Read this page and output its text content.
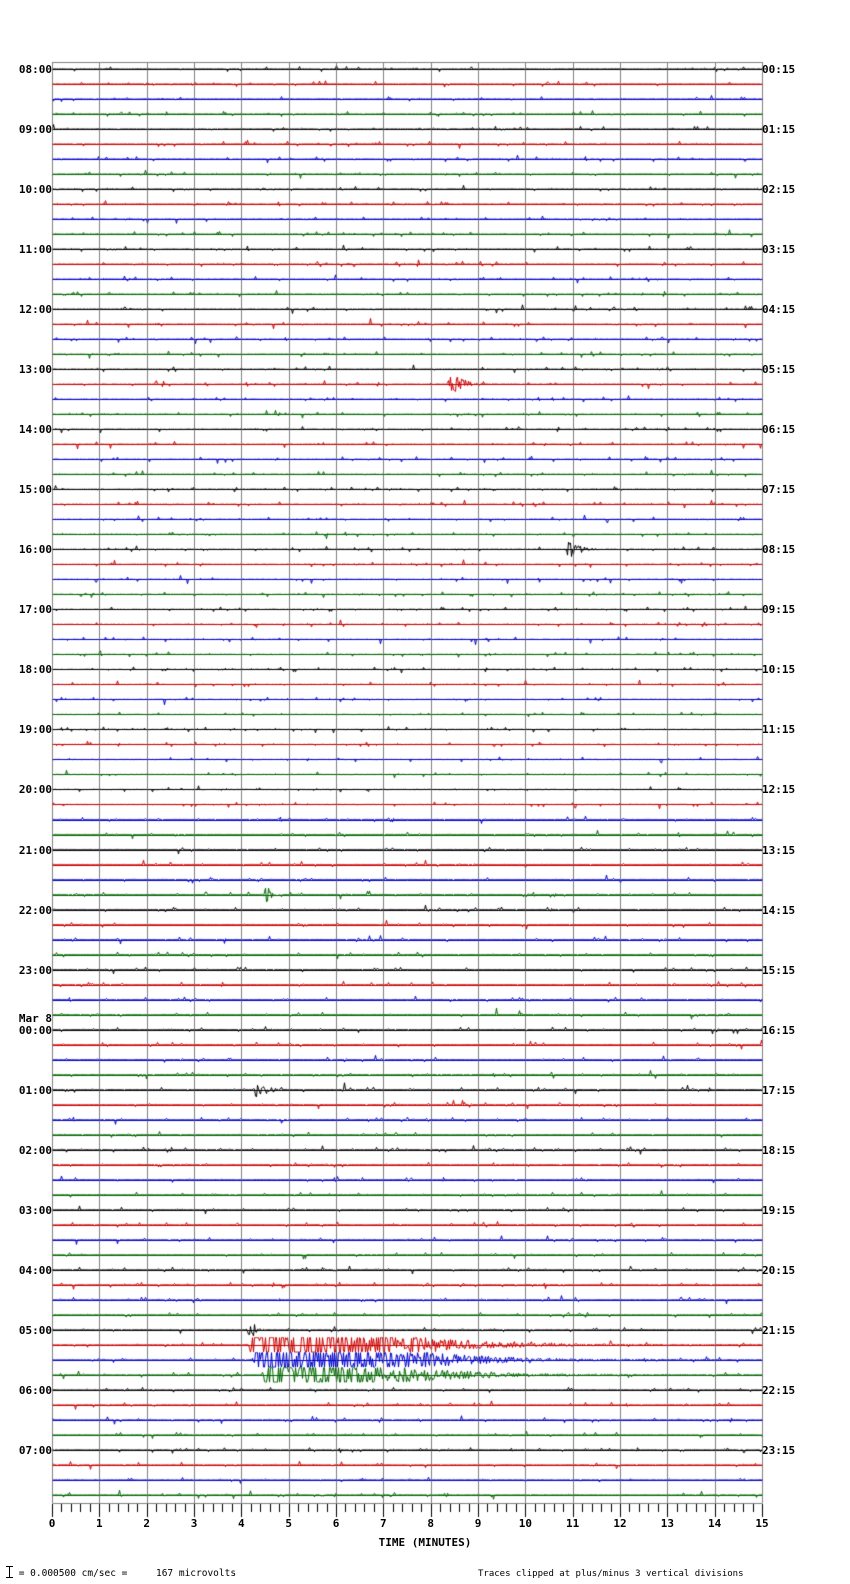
08:00
09:00
10:00
11:00
12:00
13:00
14:00
15:00
16:00
17:00
18:00
19:00
20:00
21:00
22:00
23:00
Mar 8
00:00
01:00
02:00
03:00
04:00
05:00
06:00
07:00
00:15
01:15
02:15
03:15
04:15
05:15
06:15
07:15
08:15
09:15
10:15
11:15
12:15
13:15
14:15
15:15
16:15
17:15
18:15
19:15
20:15
21:15
22:15
23:15
0	1	2	3	4	5	6	7	8	9	10	11	12	13	14	15
TIME (MINUTES)
= 0.000500 cm/sec =     167 microvolts	Traces clipped at plus/minus 3 vertical divisions
